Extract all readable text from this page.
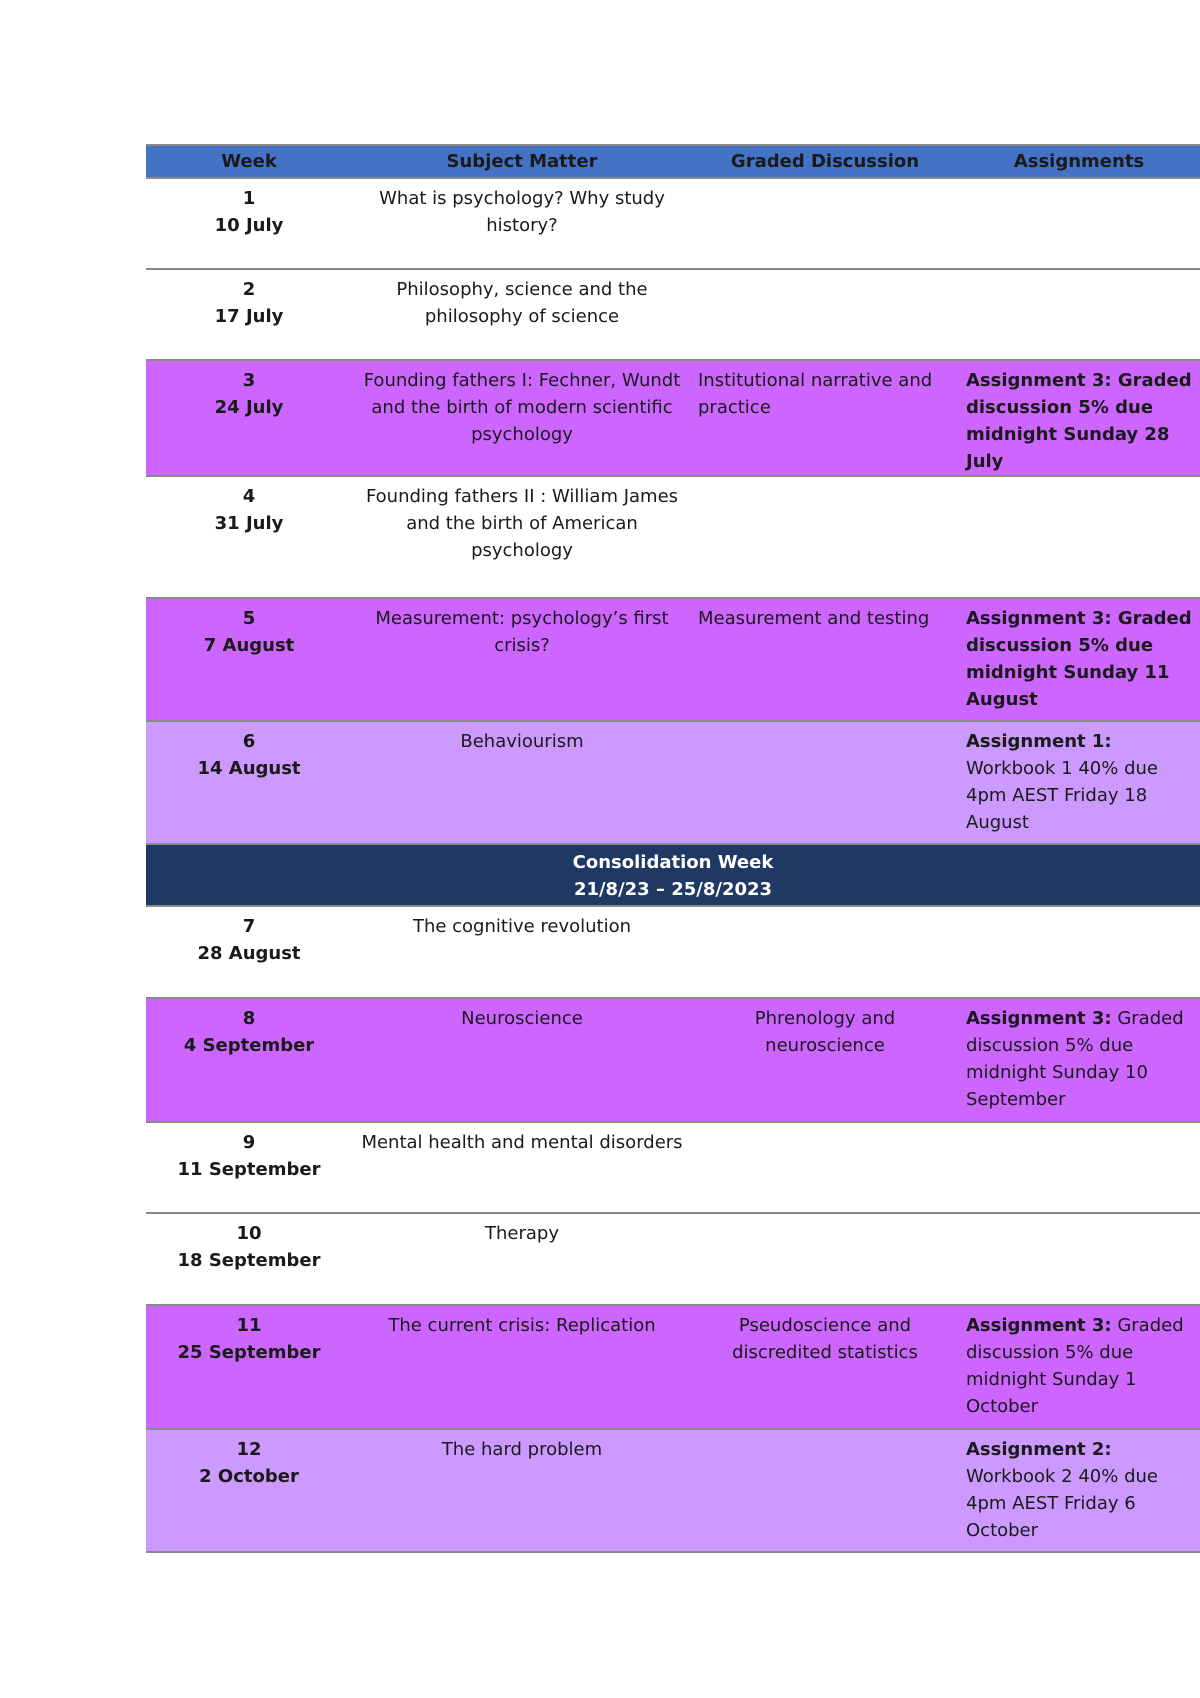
Week	Subject Matter	Graded Discussion	Assignments

1
10 July	What is psychology? Why study history?		

2
17 July	Philosophy, science and the philosophy of science		

3
24 July	Founding fathers I: Fechner, Wundt and the birth of modern scientific psychology	Institutional narrative and practice	Assignment 3: Graded discussion 5% due midnight Sunday 28 July

4
31 July	Founding fathers II : William James and the birth of American psychology		

5
7 August	Measurement: psychology’s first crisis?	Measurement and testing	Assignment 3: Graded discussion 5% due midnight Sunday 11 August

6
14 August	Behaviourism		Assignment 1: Workbook 1 40% due 4pm AEST Friday 18 August

Consolidation Week
21/8/23 – 25/8/2023			

7
28 August	The cognitive revolution		

8
4 September	Neuroscience	Phrenology and neuroscience	Assignment 3: Graded discussion 5% due midnight Sunday 10 September

9
11 September	Mental health and mental disorders		

10
18 September	Therapy		

11
25 September	The current crisis: Replication	Pseudoscience and discredited statistics	Assignment 3: Graded discussion 5% due midnight Sunday 1 October

12
2 October	The hard problem		Assignment 2: Workbook 2 40% due 4pm AEST Friday 6 October
